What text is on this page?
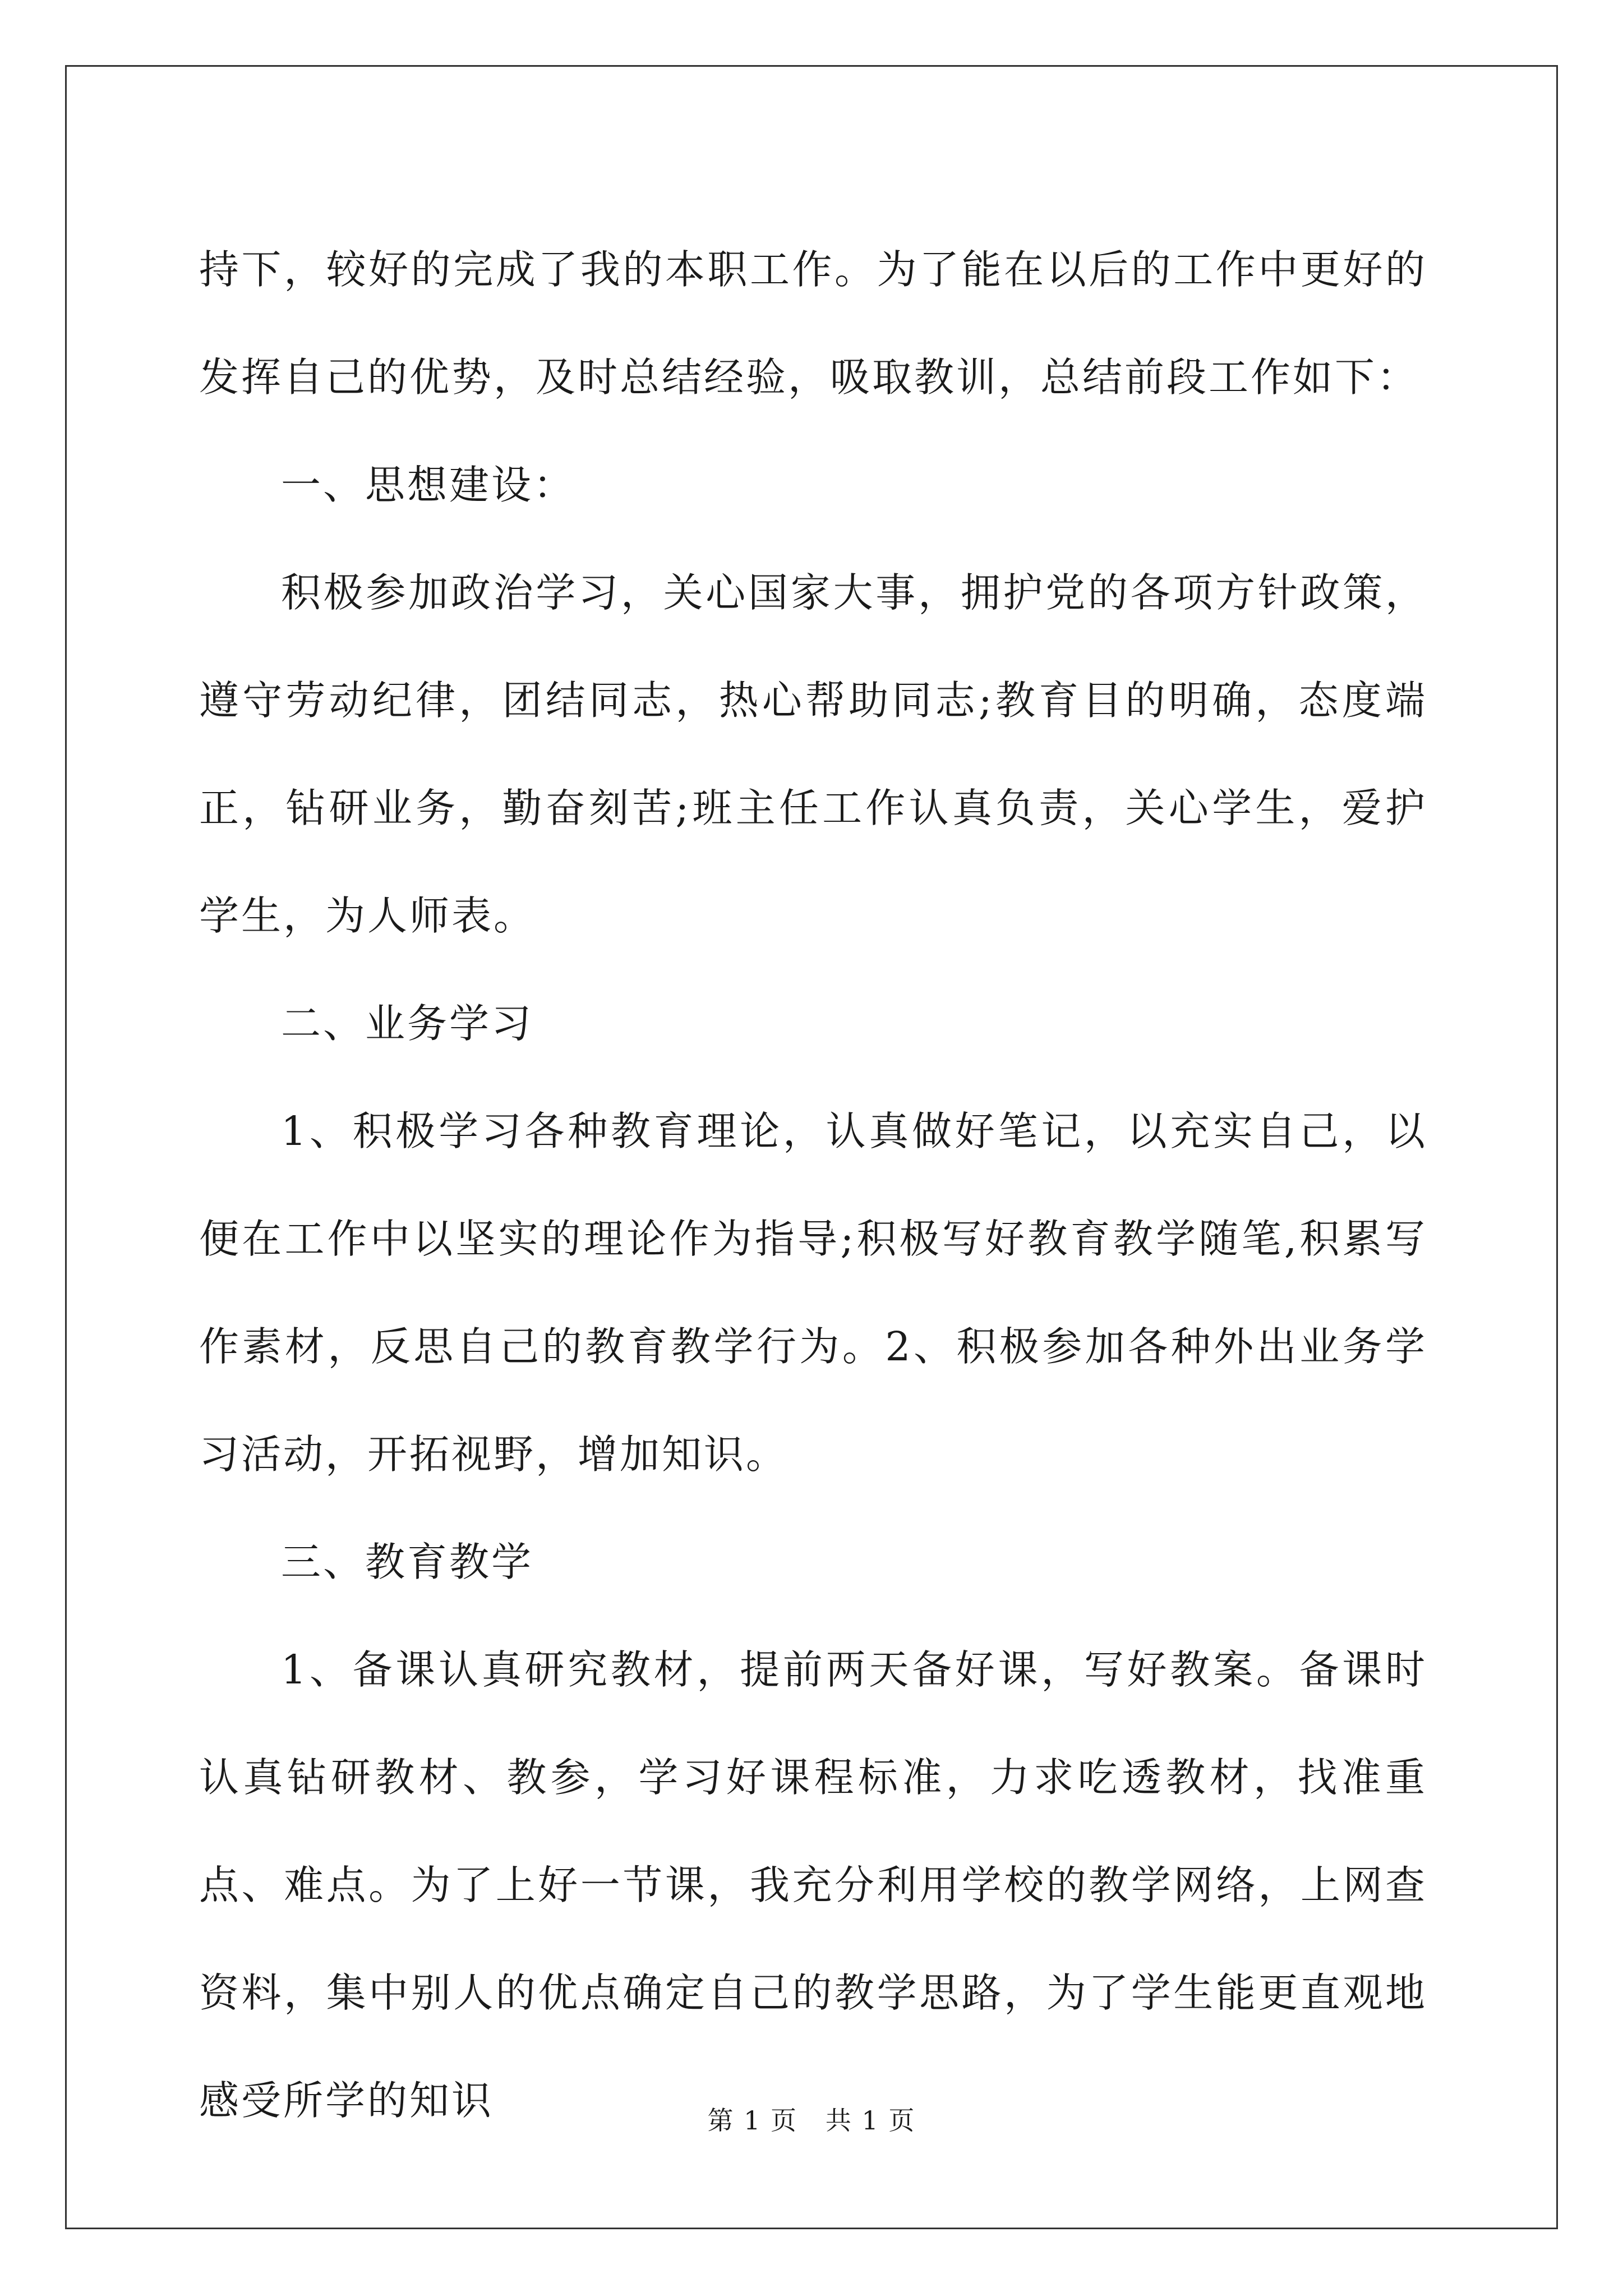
持下，较好的完成了我的本职工作。为了能在以后的工作中更好的发挥自己的优势，及时总结经验，吸取教训，总结前段工作如下：

一、思想建设：

积极参加政治学习，关心国家大事，拥护党的各项方针政策，遵守劳动纪律，团结同志，热心帮助同志;教育目的明确，态度端正，钻研业务，勤奋刻苦;班主任工作认真负责，关心学生，爱护学生，为人师表。

二、业务学习

1、积极学习各种教育理论，认真做好笔记，以充实自己，以便在工作中以坚实的理论作为指导;积极写好教育教学随笔,积累写作素材，反思自己的教育教学行为。2、积极参加各种外出业务学习活动，开拓视野，增加知识。

三、教育教学

1、备课认真研究教材，提前两天备好课，写好教案。备课时认真钻研教材、教参，学习好课程标准，力求吃透教材，找准重点、难点。为了上好一节课，我充分利用学校的教学网络，上网查资料，集中别人的优点确定自己的教学思路，为了学生能更直观地感受所学的知识	第 1 页   共 1 页
